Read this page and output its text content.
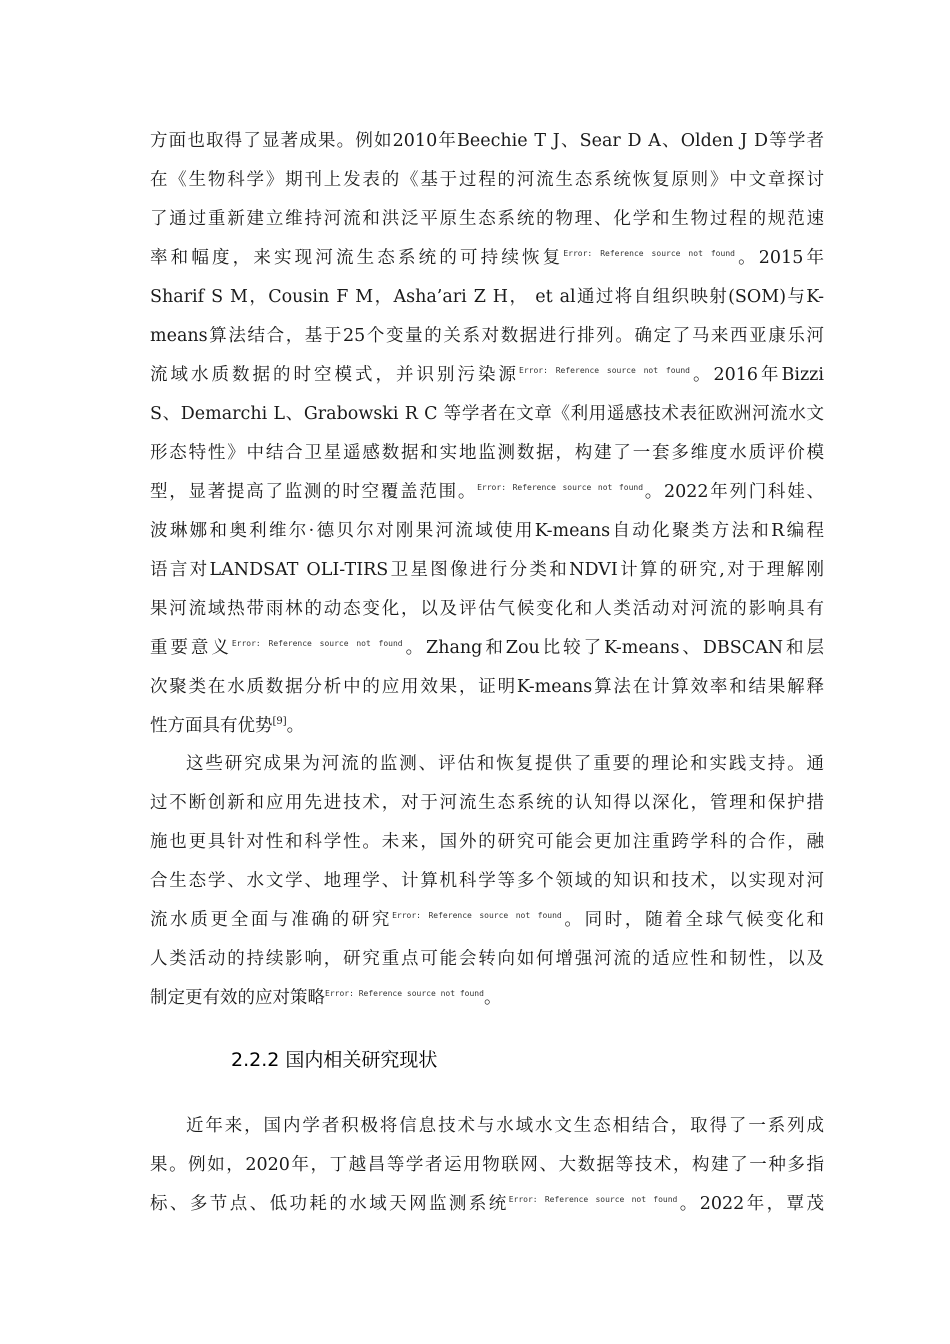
方面也取得了显著成果。例如2010年Beechie T J、Sear D A、Olden J D等学者
在《生物科学》期刊上发表的《基于过程的河流生态系统恢复原则》中文章探讨
了通过重新建立维持河流和洪泛平原生态系统的物理、化学和生物过程的规范速
率和幅度，来实现河流生态系统的可持续恢复$^{Error: Reference source not found}$。2015年
Sharif S M，Cousin F M，Asha’ari Z H， et al通过将自组织映射(SOM)与K-
means算法结合，基于25个变量的关系对数据进行排列。确定了马来西亚康乐河
流域水质数据的时空模式，并识别污染源$^{Error: Reference source not found}$。2016年Bizzi
S、Demarchi L、Grabowski R C 等学者在文章《利用遥感技术表征欧洲河流水文
形态特性》中结合卫星遥感数据和实地监测数据，构建了一套多维度水质评价模
型，显著提高了监测的时空覆盖范围。$^{Error: Reference source not found}$。2022年列门科娃、
波琳娜和奥利维尔·德贝尔对刚果河流域使用K-means自动化聚类方法和R编程
语言对LANDSAT OLI-TIRS卫星图像进行分类和NDVI计算的研究,对于理解刚
果河流域热带雨林的动态变化，以及评估气候变化和人类活动对河流的影响具有
重要意义$^{Error: Reference source not found}$。Zhang和Zou比较了K-means、DBSCAN和层
次聚类在水质数据分析中的应用效果，证明K-means算法在计算效率和结果解释
性方面具有优势[9]。
这些研究成果为河流的监测、评估和恢复提供了重要的理论和实践支持。通
过不断创新和应用先进技术，对于河流生态系统的认知得以深化，管理和保护措
施也更具针对性和科学性。未来，国外的研究可能会更加注重跨学科的合作，融
合生态学、水文学、地理学、计算机科学等多个领域的知识和技术，以实现对河
流水质更全面与准确的研究$^{Error: Reference source not found}$。同时，随着全球气候变化和
人类活动的持续影响，研究重点可能会转向如何增强河流的适应性和韧性，以及
制定更有效的应对策略$^{Error: Reference source not found}$。
2.2.2 国内相关研究现状
近年来，国内学者积极将信息技术与水域水文生态相结合，取得了一系列成
果。例如，2020年，丁越昌等学者运用物联网、大数据等技术，构建了一种多指
标、多节点、低功耗的水域天网监测系统$^{Error: Reference source not found}$。2022年，覃茂
